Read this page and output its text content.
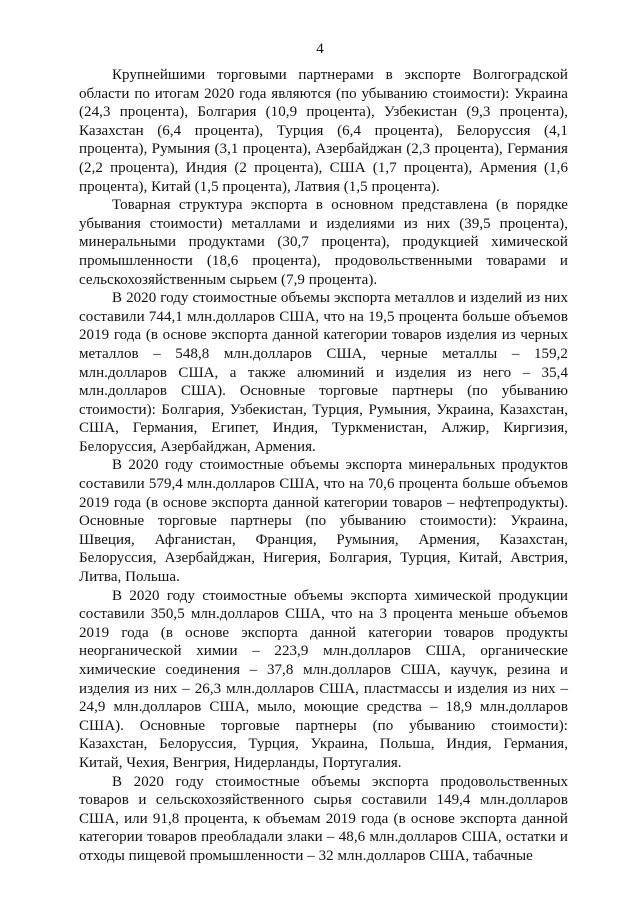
4

Крупнейшими торговыми партнерами в экспорте Волгоградской области по итогам 2020 года являются (по убыванию стоимости): Украина (24,3 процента), Болгария (10,9 процента), Узбекистан (9,3 процента), Казахстан (6,4 процента), Турция (6,4 процента), Белоруссия (4,1 процента), Румыния (3,1 процента), Азербайджан (2,3 процента), Германия (2,2 процента), Индия (2 процента), США (1,7 процента), Армения (1,6 процента), Китай (1,5 процента), Латвия (1,5 процента).

Товарная структура экспорта в основном представлена (в порядке убывания стоимости) металлами и изделиями из них (39,5 процента), минеральными продуктами (30,7 процента), продукцией химической промышленности (18,6 процента), продовольственными товарами и сельскохозяйственным сырьем (7,9 процента).

В 2020 году стоимостные объемы экспорта металлов и изделий из них составили 744,1 млн.долларов США, что на 19,5 процента больше объемов 2019 года (в основе экспорта данной категории товаров изделия из черных металлов – 548,8 млн.долларов США, черные металлы – 159,2 млн.долларов США, а также алюминий и изделия из него – 35,4 млн.долларов США). Основные торговые партнеры (по убыванию стоимости): Болгария, Узбекистан, Турция, Румыния, Украина, Казахстан, США, Германия, Египет, Индия, Туркменистан, Алжир, Киргизия, Белоруссия, Азербайджан, Армения.

В 2020 году стоимостные объемы экспорта минеральных продуктов составили 579,4 млн.долларов США, что на 70,6 процента больше объемов 2019 года (в основе экспорта данной категории товаров – нефтепродукты). Основные торговые партнеры (по убыванию стоимости): Украина, Швеция, Афганистан, Франция, Румыния, Армения, Казахстан, Белоруссия, Азербайджан, Нигерия, Болгария, Турция, Китай, Австрия, Литва, Польша.

В 2020 году стоимостные объемы экспорта химической продукции составили 350,5 млн.долларов США, что на 3 процента меньше объемов 2019 года (в основе экспорта данной категории товаров продукты неорганической химии – 223,9 млн.долларов США, органические химические соединения – 37,8 млн.долларов США, каучук, резина и изделия из них – 26,3 млн.долларов США, пластмассы и изделия из них – 24,9 млн.долларов США, мыло, моющие средства – 18,9 млн.долларов США). Основные торговые партнеры (по убыванию стоимости): Казахстан, Белоруссия, Турция, Украина, Польша, Индия, Германия, Китай, Чехия, Венгрия, Нидерланды, Португалия.

В 2020 году стоимостные объемы экспорта продовольственных товаров и сельскохозяйственного сырья составили 149,4 млн.долларов США, или 91,8 процента, к объемам 2019 года (в основе экспорта данной категории товаров преобладали злаки – 48,6 млн.долларов США, остатки и отходы пищевой промышленности – 32 млн.долларов США, табачные
